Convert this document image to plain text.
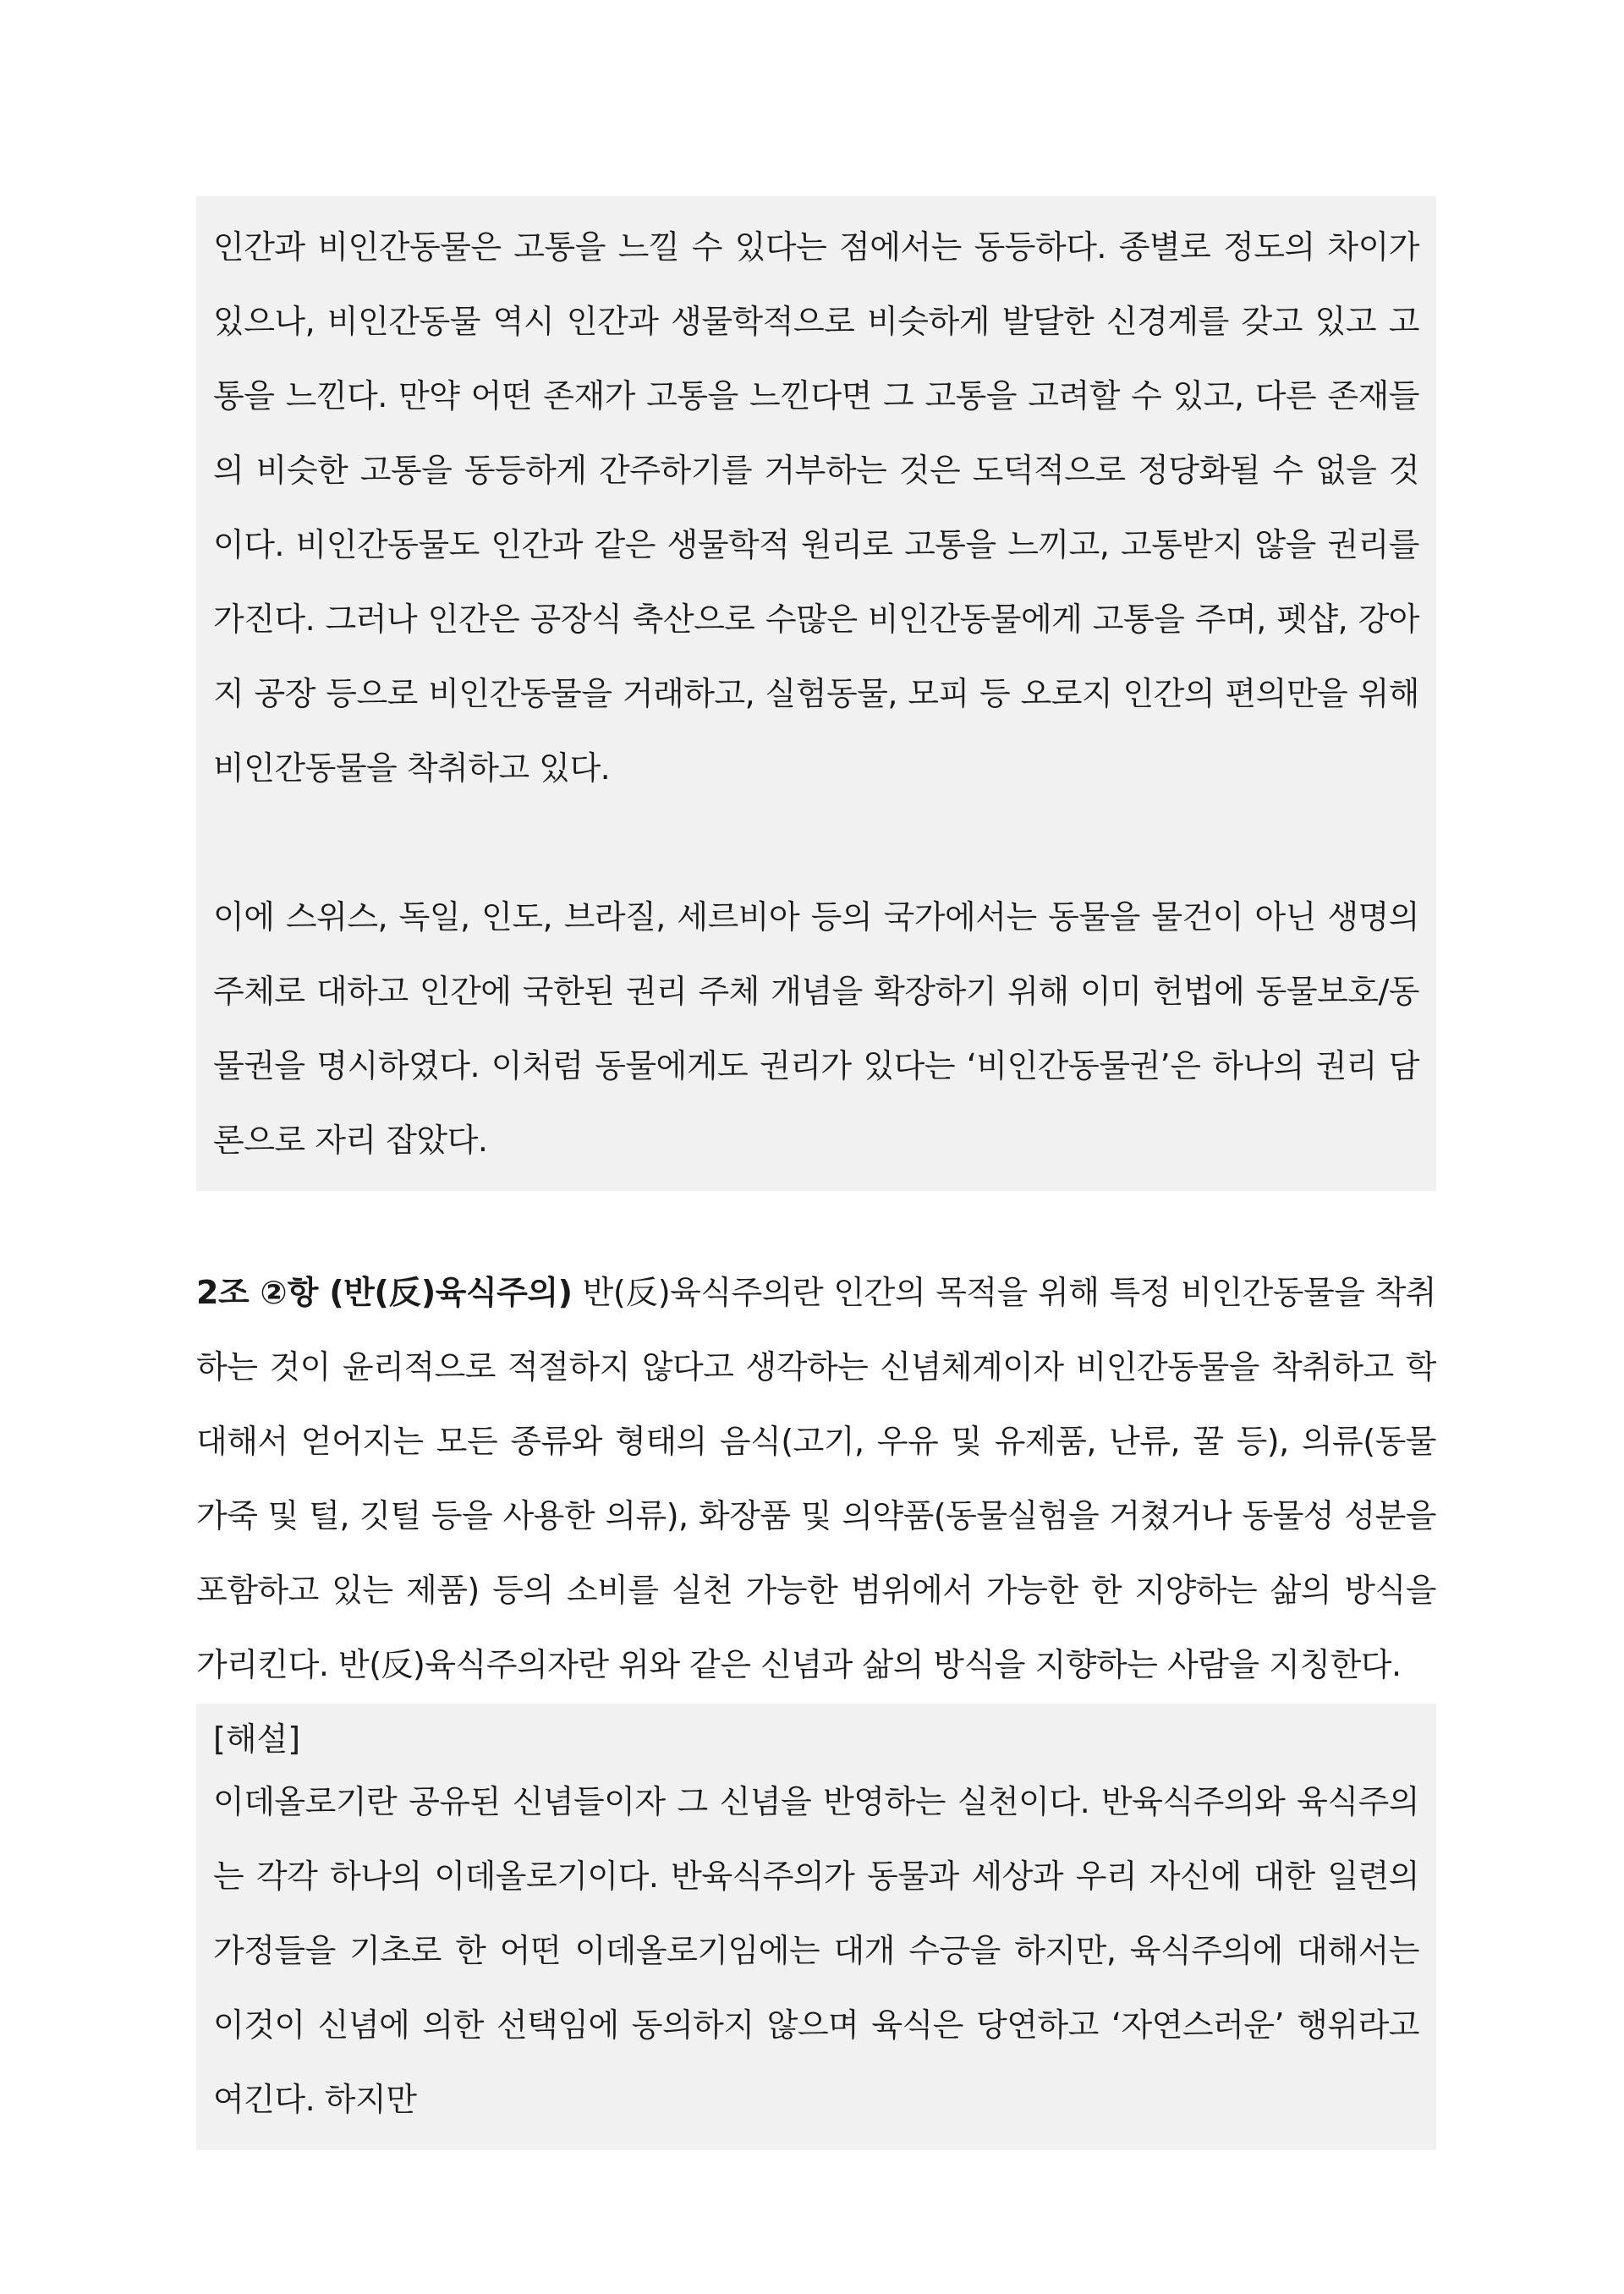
인간과 비인간동물은 고통을 느낄 수 있다는 점에서는 동등하다. 종별로 정도의 차이가 있으나, 비인간동물 역시 인간과 생물학적으로 비슷하게 발달한 신경계를 갖고 있고 고통을 느낀다. 만약 어떤 존재가 고통을 느낀다면 그 고통을 고려할 수 있고, 다른 존재들의 비슷한 고통을 동등하게 간주하기를 거부하는 것은 도덕적으로 정당화될 수 없을 것이다. 비인간동물도 인간과 같은 생물학적 원리로 고통을 느끼고, 고통받지 않을 권리를 가진다. 그러나 인간은 공장식 축산으로 수많은 비인간동물에게 고통을 주며, 펫샵, 강아지 공장 등으로 비인간동물을 거래하고, 실험동물, 모피 등 오로지 인간의 편의만을 위해 비인간동물을 착취하고 있다.

이에 스위스, 독일, 인도, 브라질, 세르비아 등의 국가에서는 동물을 물건이 아닌 생명의 주체로 대하고 인간에 국한된 권리 주체 개념을 확장하기 위해 이미 헌법에 동물보호/동물권을 명시하였다. 이처럼 동물에게도 권리가 있다는 ‘비인간동물권’은 하나의 권리 담론으로 자리 잡았다.

2조 ②항 (반(反)육식주의) 반(反)육식주의란 인간의 목적을 위해 특정 비인간동물을 착취하는 것이 윤리적으로 적절하지 않다고 생각하는 신념체계이자 비인간동물을 착취하고 학대해서 얻어지는 모든 종류와 형태의 음식(고기, 우유 및 유제품, 난류, 꿀 등), 의류(동물 가죽 및 털, 깃털 등을 사용한 의류), 화장품 및 의약품(동물실험을 거쳤거나 동물성 성분을 포함하고 있는 제품) 등의 소비를 실천 가능한 범위에서 가능한 한 지양하는 삶의 방식을 가리킨다. 반(反)육식주의자란 위와 같은 신념과 삶의 방식을 지향하는 사람을 지칭한다.

[해설]

이데올로기란 공유된 신념들이자 그 신념을 반영하는 실천이다. 반육식주의와 육식주의는 각각 하나의 이데올로기이다. 반육식주의가 동물과 세상과 우리 자신에 대한 일련의 가정들을 기초로 한 어떤 이데올로기임에는 대개 수긍을 하지만, 육식주의에 대해서는 이것이 신념에 의한 선택임에 동의하지 않으며 육식은 당연하고 ‘자연스러운’ 행위라고 여긴다. 하지만
